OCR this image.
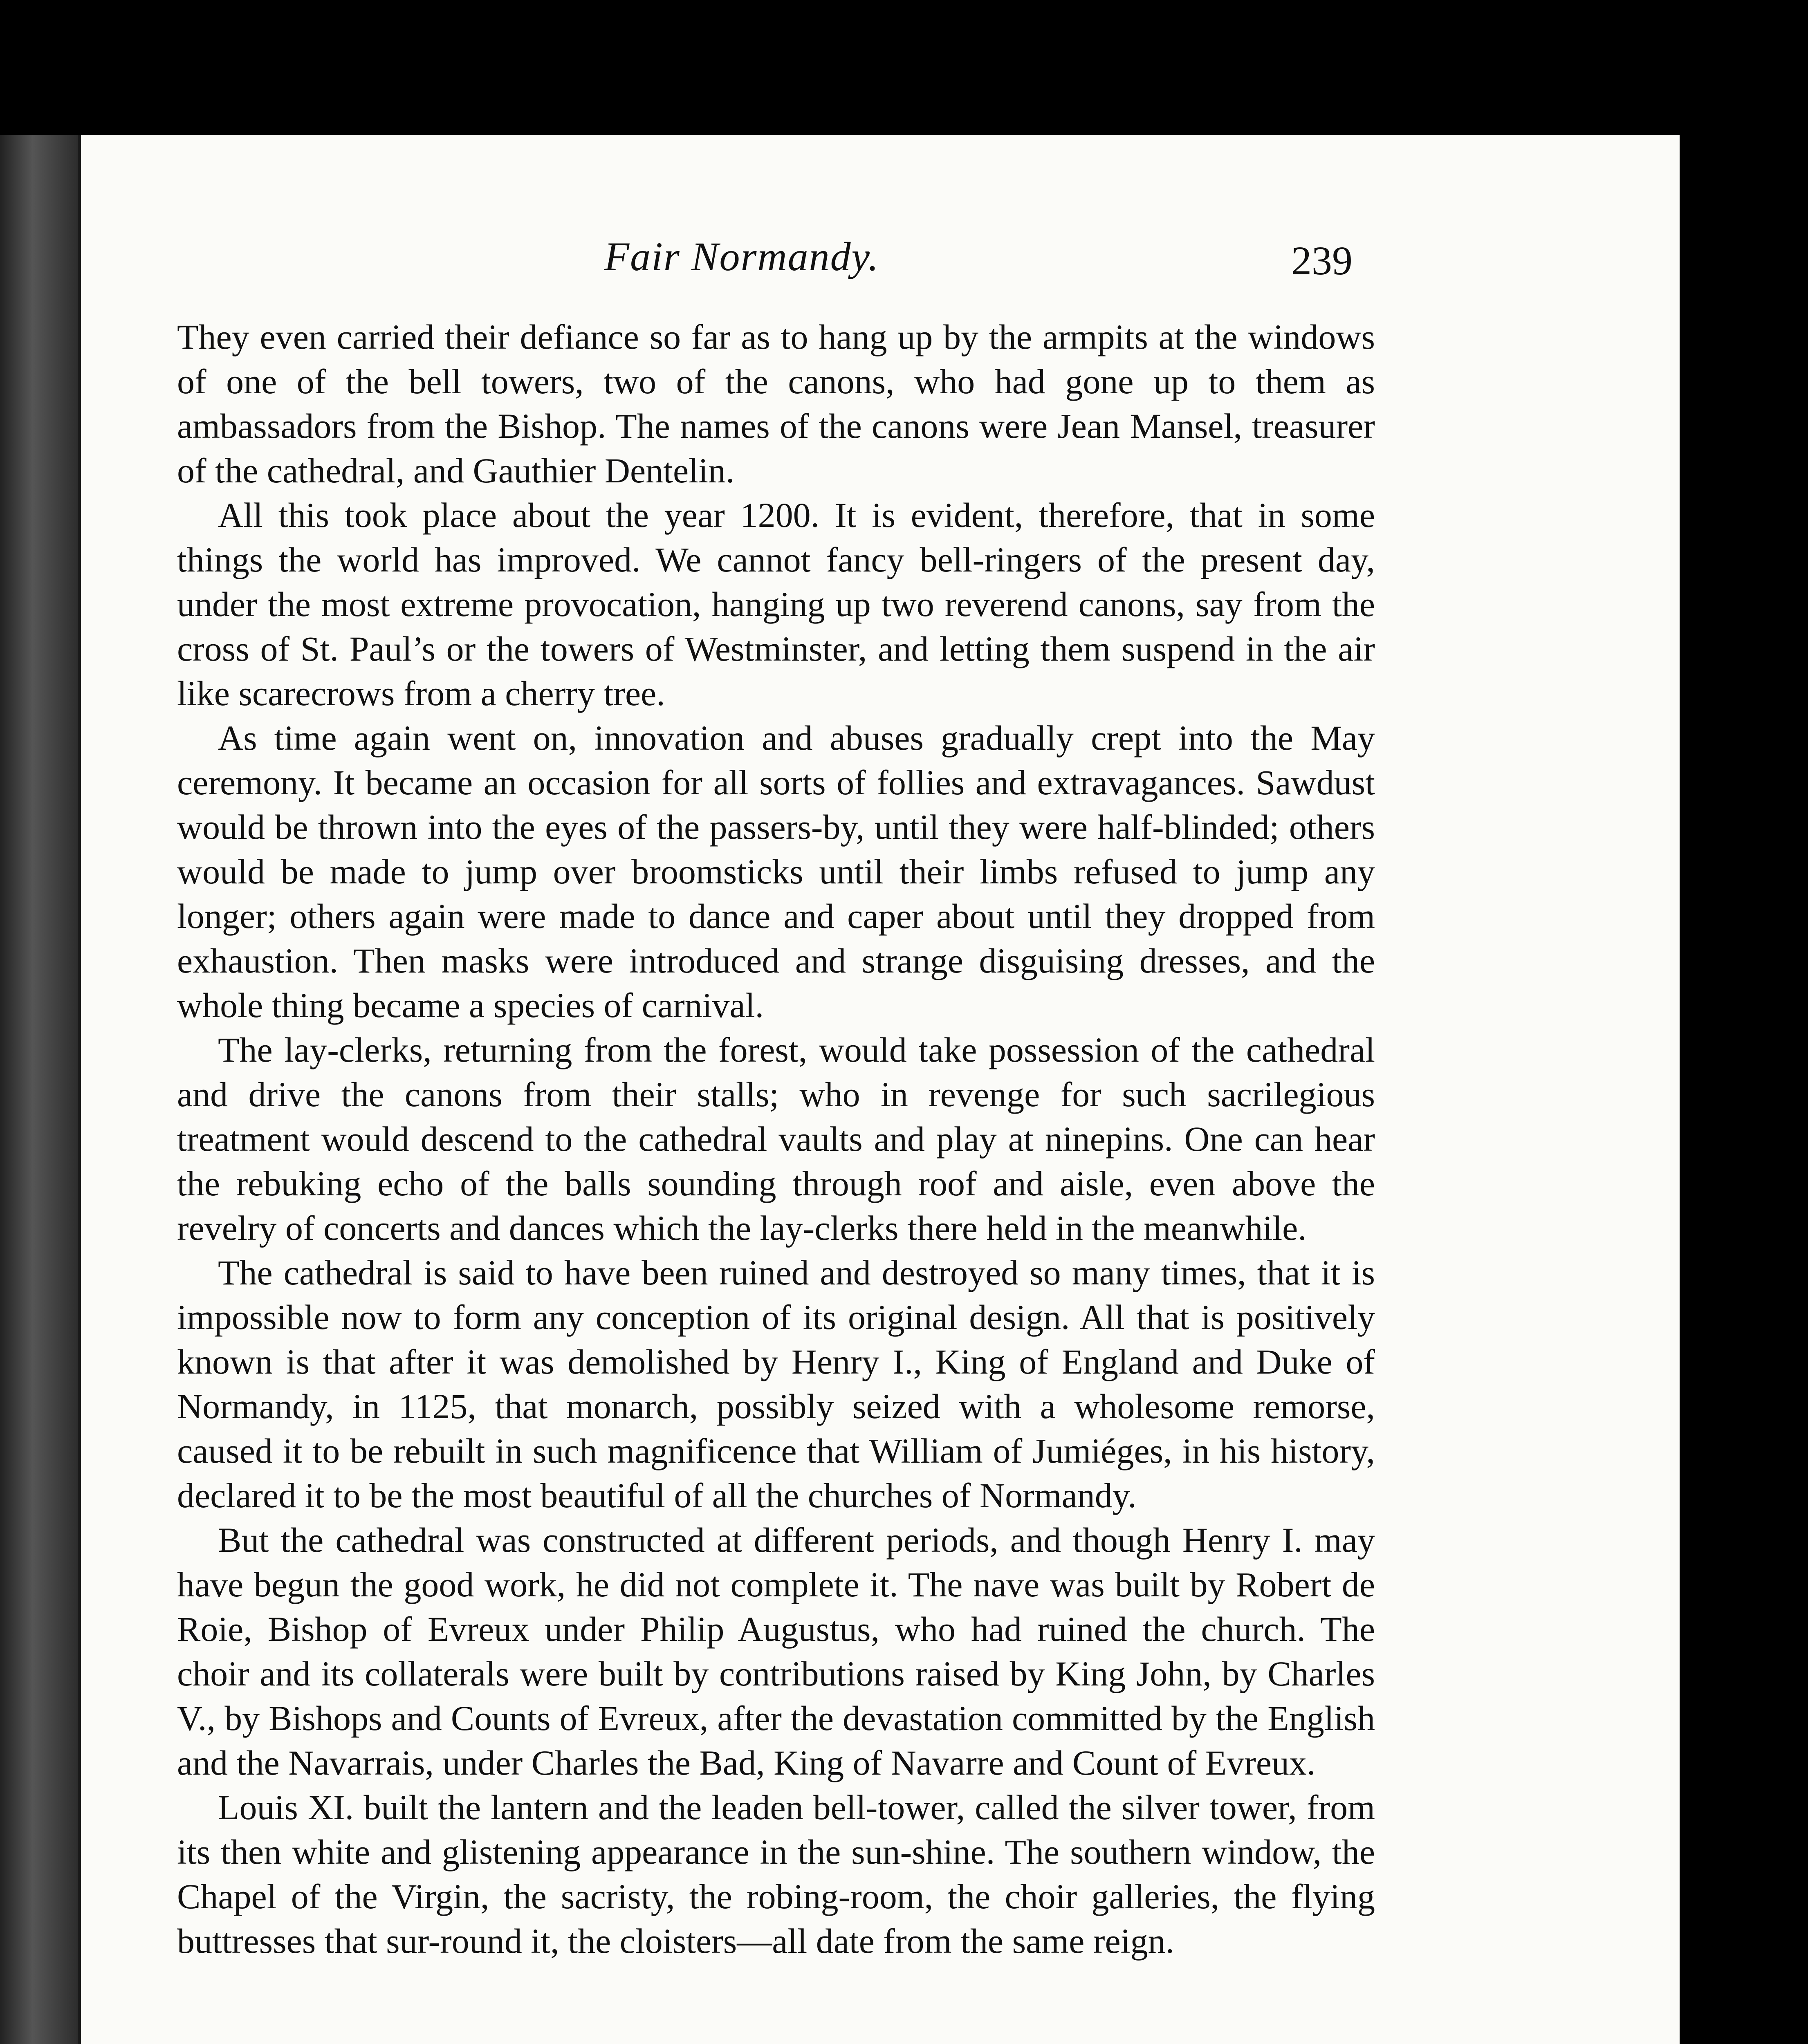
Fair Normandy.	239

They even carried their defiance so far as to hang up by the armpits at the windows of one of the bell towers, two of the canons, who had gone up to them as ambassadors from the Bishop. The names of the canons were Jean Mansel, treasurer of the cathedral, and Gauthier Dentelin.

All this took place about the year 1200. It is evident, therefore, that in some things the world has improved. We cannot fancy bell-ringers of the present day, under the most extreme provocation, hanging up two reverend canons, say from the cross of St. Paul’s or the towers of Westminster, and letting them suspend in the air like scarecrows from a cherry tree.

As time again went on, innovation and abuses gradually crept into the May ceremony. It became an occasion for all sorts of follies and extravagances. Sawdust would be thrown into the eyes of the passers-by, until they were half-blinded; others would be made to jump over broomsticks until their limbs refused to jump any longer; others again were made to dance and caper about until they dropped from exhaustion. Then masks were introduced and strange disguising dresses, and the whole thing became a species of carnival.

The lay-clerks, returning from the forest, would take possession of the cathedral and drive the canons from their stalls; who in revenge for such sacrilegious treatment would descend to the cathedral vaults and play at ninepins. One can hear the rebuking echo of the balls sounding through roof and aisle, even above the revelry of concerts and dances which the lay-clerks there held in the meanwhile.

The cathedral is said to have been ruined and destroyed so many times, that it is impossible now to form any conception of its original design. All that is positively known is that after it was demolished by Henry I., King of England and Duke of Normandy, in 1125, that monarch, possibly seized with a wholesome remorse, caused it to be rebuilt in such magnificence that William of Jumiéges, in his history, declared it to be the most beautiful of all the churches of Normandy.

But the cathedral was constructed at different periods, and though Henry I. may have begun the good work, he did not complete it. The nave was built by Robert de Roie, Bishop of Evreux under Philip Augustus, who had ruined the church. The choir and its collaterals were built by contributions raised by King John, by Charles V., by Bishops and Counts of Evreux, after the devastation committed by the English and the Navarrais, under Charles the Bad, King of Navarre and Count of Evreux.

Louis XI. built the lantern and the leaden bell-tower, called the silver tower, from its then white and glistening appearance in the sun-shine. The southern window, the Chapel of the Virgin, the sacristy, the robing-room, the choir galleries, the flying buttresses that sur-round it, the cloisters—all date from the same reign.
